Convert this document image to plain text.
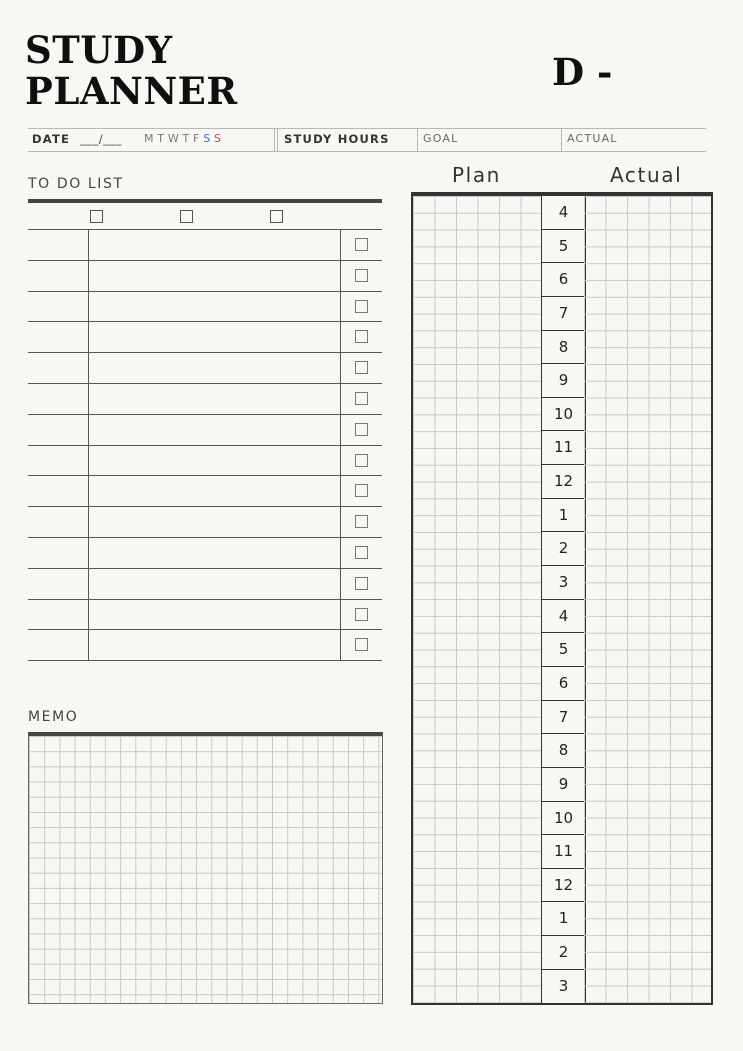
STUDY
PLANNER	D -
DATE ___/___ M T W T F S S	STUDY HOURS	GOAL	ACTUAL
TO DO LIST
MEMO
Plan	Actual
4
5
6
7
8
9
10
11
12
1
2
3
4
5
6
7
8
9
10
11
12
1
2
3
